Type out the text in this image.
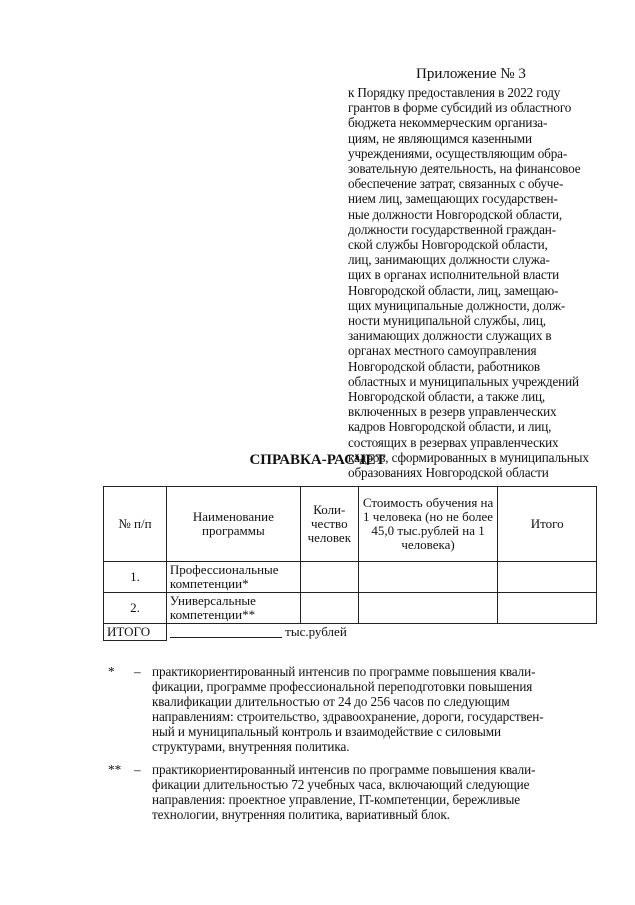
Приложение № 3
к Порядку предоставления в 2022 году
грантов в форме субсидий из областного
бюджета некоммерческим организа-
циям, не являющимся казенными
учреждениями, осуществляющим обра-
зовательную деятельность, на финансовое
обеспечение затрат, связанных с обуче-
нием лиц, замещающих государствен-
ные должности Новгородской области,
должности государственной граждан-
ской службы Новгородской области,
лиц, занимающих должности служа-
щих в органах исполнительной власти
Новгородской области, лиц, замещаю-
щих муниципальные должности, долж-
ности муниципальной службы, лиц,
занимающих должности служащих в
органах местного самоуправления
Новгородской области, работников
областных и муниципальных учреждений
Новгородской области, а также лиц,
включенных в резерв управленческих
кадров Новгородской области, и лиц,
состоящих в резервах управленческих
кадров, сформированных в муниципальных
образованиях Новгородской области
СПРАВКА-РАСЧЕТ
№ п/п	Наименование программы	Коли-чество человек	Стоимость обучения на 1 человека (но не более 45,0 тыс.рублей на 1 человека)	Итого
1.	Профессиональные компетенции*			
2.	Универсальные компетенции**			
ИТОГО	тыс.рублей			
*	– практикориентированный интенсив по программе повышения квали-
фикации, программе профессиональной переподготовки повышения
квалификации длительностью от 24 до 256 часов по следующим
направлениям: строительство, здравоохранение, дороги, государствен-
ный и муниципальный контроль и взаимодействие с силовыми
структурами, внутренняя политика.
** – практикориентированный интенсив по программе повышения квали-
фикации длительностью 72 учебных часа, включающий следующие
направления: проектное управление, IT-компетенции, бережливые
технологии, внутренняя политика, вариативный блок.
